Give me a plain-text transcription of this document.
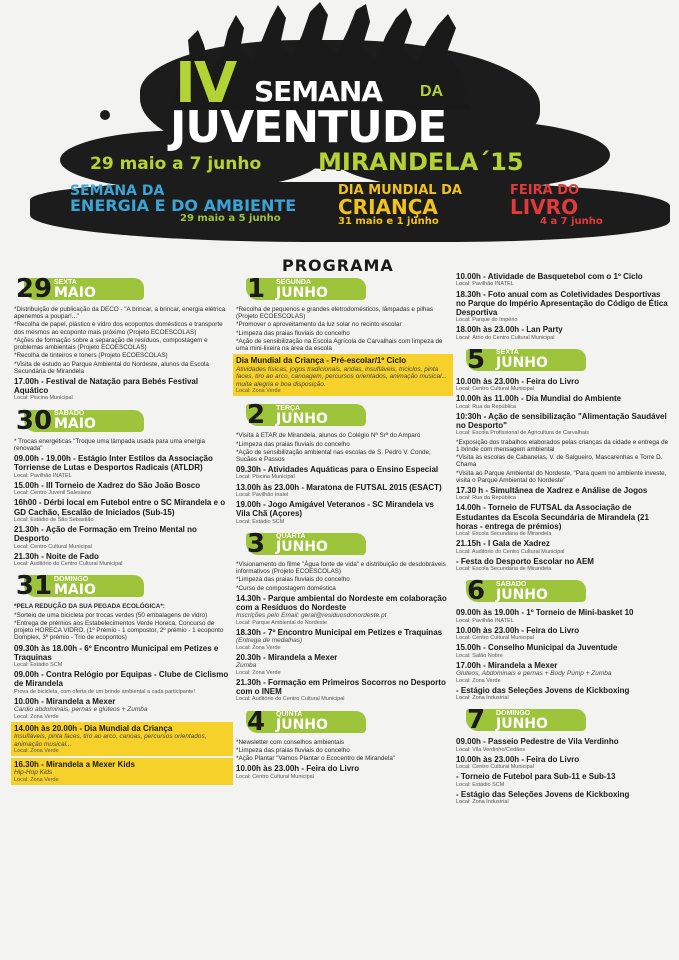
IV SEMANA DA
JUVENTUDE
29 maio a 7 junho MIRANDELA´15
SEMANA DA
ENERGIA E DO AMBIENTE
29 maio a 5 junho
DIA MUNDIAL DA
CRIANÇA
31 maio e 1 junho
FEIRA DO
LIVRO
4 a 7 junho
PROGRAMA
29 SEXTA
MAIO
*Distribuição de publicação da DECO - "A brincar, a brincar, energia elétrica apenemos a poupar!..."
*Recolha de papel, plástico e vidro dos ecopontos domésticos e transporte dos mesmos ao ecoponto mais próximo (Projeto ECOESCOLAS)
*Ações de formação sobre a separação de resíduos, compostagem e problemas ambientais (Projeto ECOESCOLAS)
*Recolha de tinteiros e toners (Projeto ECOESCOLAS)
*Visita de estudo ao Parque Ambiental do Nordeste, alunos da Escola Secundária de Mirandela
17.00h - Festival de Natação para Bebés Festival Aquático
Local: Piscina Municipal
30 SÁBADO
MAIO
* Trocas energéticas "Troque uma lâmpada usada para uma energia renovada"
09.00h - 19.00h - Estágio Inter Estilos da Associação Torriense de Lutas e Desportos Radicais (ATLDR)
Local: Pavilhão INATEL
15.00h - III Torneio de Xadrez do São João Bosco
Local: Centro Juvenil Salesiano
16h00 - Dérbi local em Futebol entre o SC Mirandela e o GD Cachão, Escalão de Iniciados (Sub-15)
Local: Estádio de São Sebastião
21.30h - Ação de Formação em Treino Mental no Desporto
Local: Centro Cultural Municipal
21.30h - Noite de Fado
Local: Auditório do Centro Cultural Municipal
31 DOMINGO
MAIO
*PELA REDUÇÃO DA SUA PEGADA ECOLÓGICA*:
*Sorteio de uma bicicleta por trocas verdes (50 embalagens de vidro)
*Entrega de prémios aos Estabelecimentos Verde Horeca, Concurso de projeto HORECA VIDRO, (1º Prémio - 1 compostor, 2º prémio - 1 ecoponto Domplex, 3º prémio - Trio de ecopontos)
09.30h às 18.00h - 6º Encontro Municipal em Petizes e Traquinas
Local: Estádio SCM
09.00h - Contra Relógio por Equipas - Clube de Ciclismo de Mirandela
Prova de bicicleta, com oferta de um brinde ambiental a cada participante!
10.00h - Mirandela a Mexer
Cardio abdominais, pernas e glúteos + Zumba
Local: Zona Verde
14.00h às 20.00h - Dia Mundial da Criança
Insufláveis, pinta faces, tiro ao arco, canoas, percursos orientados, animação musical...
Local: Zona Verde
16.30h - Mirandela a Mexer Kids
Hip-Hop Kids
Local: Zona Verde
1	SEGUNDA
JUNHO
*Recolha de pequenos e grandes eletrodomésticos, lâmpadas e pilhas (Projeto ECOESCOLAS)
*Promover o aproveitamento da luz solar no recinto escolar
*Limpeza das praias fluviais do concelho
*Ação de sensibilização na Escola Agrícola de Carvalhais com limpeza de uma mini-lixeira na área da escola
Dia Mundial da Criança - Pré-escolar/1º Ciclo
Atividades físicas, jogos tradicionais, andas, insufláveis, triciclos, pinta faces, tiro ao arco, canoagem, percursos orientados, animação musical... muita alegria e boa disposição.
Local: Zona Verde
2	TERÇA
JUNHO
*Visita à ETAR de Mirandela, alunos do Colégio Nª Srª do Amparo
*Limpeza das praias fluviais do concelho
*Ação de sensibilização ambiental nas escolas de S. Pedro V. Conde, Sucães e Passos
09.30h - Atividades Aquáticas para o Ensino Especial
Local: Piscina Municipal
13.00h às 23.00h - Maratona de FUTSAL 2015 (ESACT)
Local: Pavilhão Inatel
19.00h - Jogo Amigável Veteranos - SC Mirandela vs Vila Chã (Açores)
Local: Estádio SCM
3	QUARTA
JUNHO
*Visionamento do filme "Água fonte de vida" e distribuição de desdobráveis informativos (Projeto ECOESCOLAS)
*Limpeza das praias fluviais do concelho
*Curso de compostagem doméstica
14.30h - Parque ambiental do Nordeste em colaboração com a Resíduos do Nordeste
Inscrições pelo Email: geral@residuosdonordeste.pt
Local: Parque Ambiental do Nordeste
18.30h - 7º Encontro Municipal em Petizes e Traquinas
(Entrega de medalhas)
Local: Zona Verde
20.30h - Mirandela a Mexer
Zumba
Local: Zona Verde
21.30h - Formação em Primeiros Socorros no Desporto com o INEM
Local: Auditório do Centro Cultural Municipal
4	QUINTA
JUNHO
*Newsletter com conselhos ambientais
*Limpeza das praias fluviais do concelho
*Ação Plantar "Vamos Plantar o Ecocentro de Mirandela"
10.00h às 23.00h - Feira do Livro
Local: Centro Cultural Municipal
10.00h - Atividade de Basquetebol com o 1º Ciclo
Local: Pavilhão INATEL
18.30h - Foto anual com as Coletividades Desportivas no Parque do Império Apresentação do Código de Ética Desportiva
Local: Parque do Império
18.00h às 23.00h - Lan Party
Local: Átrio do Centro Cultural Municipal
5	SEXTA
JUNHO
10.00h às 23.00h - Feira do Livro
Local: Centro Cultural Municipal
10.00h às 11.00h - Dia Mundial do Ambiente
Local: Rua da República
10:30h - Ação de sensibilização "Alimentação Saudável no Desporto"
Local: Escola Profissional de Agricultura de Carvalhais
*Exposição dos trabalhos elaborados pelas crianças da cidade e entrega de 1 brinde com mensagem ambiental
*Visita às escolas de Cabanelas, V. de Salgueiro, Mascarenhas e Torre D. Chama
*Visita ao Parque Ambiental do Nordeste, "Para quem no ambiente investe, visita o Parque Ambiental do Nordeste"
17.30 h - Simultânea de Xadrez e Análise de Jogos
Local: Rua da República
14.00h - Torneio de FUTSAL da Associação de Estudantes da Escola Secundária de Mirandela (21 horas - entrega de prémios)
Local: Escola Secundária de Mirandela
21.15h - I Gala de Xadrez
Local: Auditório do Centro Cultural Municipal
- Festa do Desporto Escolar no AEM
Local: Escola Secundária de Mirandela
6	SÁBADO
JUNHO
09.00h às 19.00h - 1º Torneio de Mini-basket 10
Local: Pavilhão INATEL
10.00h às 23.00h - Feira do Livro
Local: Centro Cultural Municipal
15.00h - Conselho Municipal da Juventude
Local: Salão Nobre
17.00h - Mirandela a Mexer
Gluteos, Abdominais e pernas + Body Pump + Zumba
Local: Zona Verde
- Estágio das Seleções Jovens de Kickboxing
Local: Zona Industrial
7	DOMINGO
JUNHO
09.00h - Passeio Pedestre de Vila Verdinho
Local: Vila Verdinho/Cedães
10.00h às 23.00h - Feira do Livro
Local: Centro Cultural Municipal
- Torneio de Futebol para Sub-11 e Sub-13
Local: Estádio SCM
- Estágio das Seleções Jovens de Kickboxing
Local: Zona Industrial
